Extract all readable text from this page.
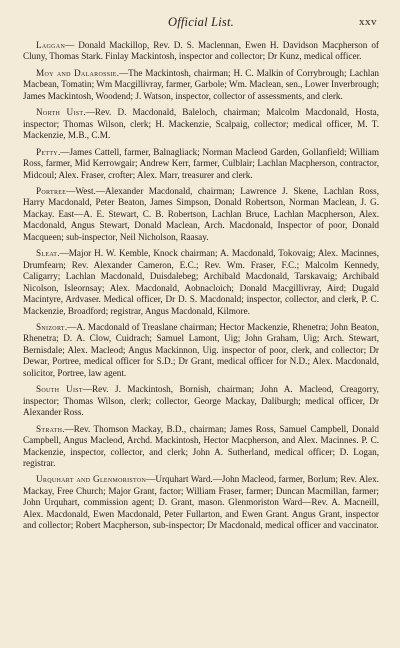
Official List.	xxv

Laggan— Donald Mackillop, Rev. D. S. Maclennan, Ewen H. Davidson Macpherson of Cluny, Thomas Stark. Finlay Mackintosh, inspector and collector; Dr Kunz, medical officer.

Moy and Dalarossie.—The Mackintosh, chairman; H. C. Malkin of Corrybrough; Lachlan Macbean, Tomatin; Wm Macgillivray, farmer, Garbole; Wm. Maclean, sen., Lower Inverbrough; James Mackintosh, Woodend; J. Watson, inspector, collector of assessments, and clerk.

North Uist.—Rev. D. Macdonald, Baleloch, chairman; Malcolm Macdonald, Hosta, inspector; Thomas Wilson, clerk; H. Mackenzie, Scalpaig, collector; medical officer, M. T. Mackenzie, M.B., C.M.

Petty.—James Cattell, farmer, Balnagliack; Norman Macleod Garden, Gollanfield; William Ross, farmer, Mid Kerrowgair; Andrew Kerr, farmer, Culblair; Lachlan Macpherson, contractor, Midcoul; Alex. Fraser, crofter; Alex. Marr, treasurer and clerk.

Portree—West.—Alexander Macdonald, chairman; Lawrence J. Skene, Lachlan Ross, Harry Macdonald, Peter Beaton, James Simpson, Donald Robertson, Norman Maclean, J. G. Mackay. East—A. E. Stewart, C. B. Robertson, Lachlan Bruce, Lachlan Macpherson, Alex. Macdonald, Angus Stewart, Donald Maclean, Arch. Macdonald, Inspector of poor, Donald Macqueen; sub-inspector, Neil Nicholson, Raasay.

Sleat.—Major H. W. Kemble, Knock chairman; A. Macdonald, Tokovaig; Alex. Macinnes, Drumfearn; Rev. Alexander Cameron, E.C.; Rev. Wm. Fraser, F.C.; Malcolm Kennedy, Caligarry; Lachlan Macdonald, Duisdalebeg; Archibald Macdonald, Tarskavaig; Archibald Nicolson, Isleornsay; Alex. Macdonald, Aobnacloich; Donald Macgillivray, Aird; Dugald Macintyre, Ardvaser. Medical officer, Dr D. S. Macdonald; inspector, collector, and clerk, P. C. Mackenzie, Broadford; registrar, Angus Macdonald, Kilmore.

Snizort.—A. Macdonald of Treaslane chairman; Hector Mackenzie, Rhenetra; John Beaton, Rhenetra; D. A. Clow, Cuidrach; Samuel Lamont, Uig; John Graham, Uig; Arch. Stewart, Bernisdale; Alex. Macleod; Angus Mackinnon, Uig. inspector of poor, clerk, and collector; Dr Dewar, Portree, medical officer for S.D.; Dr Grant, medical officer for N.D.; Alex. Macdonald, solicitor, Portree, law agent.

South Uist—Rev. J. Mackintosh, Bornish, chairman; John A. Macleod, Creagorry, inspector; Thomas Wilson, clerk; collector, George Mackay, Daliburgh; medical officer, Dr Alexander Ross.

Strath.—Rev. Thomson Mackay, B.D., chairman; James Ross, Samuel Campbell, Donald Campbell, Angus Macleod, Archd. Mackintosh, Hector Macpherson, and Alex. Macinnes. P. C. Mackenzie, inspector, collector, and clerk; John A. Sutherland, medical officer; D. Logan, registrar.

Urquhart and Glenmoriston—Urquhart Ward.—John Macleod, farmer, Borlum; Rev. Alex. Mackay, Free Church; Major Grant, factor; William Fraser, farmer; Duncan Macmillan, farmer; John Urquhart, commission agent; D. Grant, mason. Glenmoriston Ward—Rev. A. Macneill, Alex. Macdonald, Ewen Macdonald, Peter Fullarton, and Ewen Grant. Angus Grant, inspector and collector; Robert Macpherson, sub-inspector; Dr Macdonald, medical officer and vaccinator.
